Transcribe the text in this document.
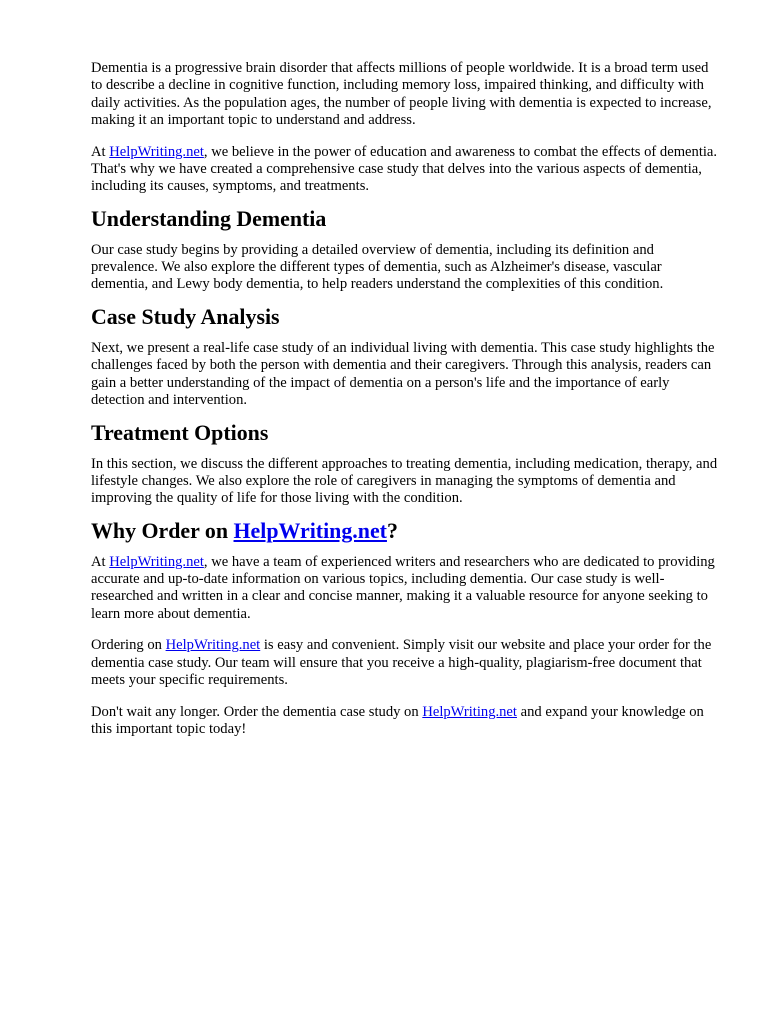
Dementia is a progressive brain disorder that affects millions of people worldwide. It is a broad term used to describe a decline in cognitive function, including memory loss, impaired thinking, and difficulty with daily activities. As the population ages, the number of people living with dementia is expected to increase, making it an important topic to understand and address.

At HelpWriting.net, we believe in the power of education and awareness to combat the effects of dementia. That's why we have created a comprehensive case study that delves into the various aspects of dementia, including its causes, symptoms, and treatments.

Understanding Dementia

Our case study begins by providing a detailed overview of dementia, including its definition and prevalence. We also explore the different types of dementia, such as Alzheimer's disease, vascular dementia, and Lewy body dementia, to help readers understand the complexities of this condition.

Case Study Analysis

Next, we present a real-life case study of an individual living with dementia. This case study highlights the challenges faced by both the person with dementia and their caregivers. Through this analysis, readers can gain a better understanding of the impact of dementia on a person's life and the importance of early detection and intervention.

Treatment Options

In this section, we discuss the different approaches to treating dementia, including medication, therapy, and lifestyle changes. We also explore the role of caregivers in managing the symptoms of dementia and improving the quality of life for those living with the condition.

Why Order on HelpWriting.net?

At HelpWriting.net, we have a team of experienced writers and researchers who are dedicated to providing accurate and up-to-date information on various topics, including dementia. Our case study is well-researched and written in a clear and concise manner, making it a valuable resource for anyone seeking to learn more about dementia.

Ordering on HelpWriting.net is easy and convenient. Simply visit our website and place your order for the dementia case study. Our team will ensure that you receive a high-quality, plagiarism-free document that meets your specific requirements.

Don't wait any longer. Order the dementia case study on HelpWriting.net and expand your knowledge on this important topic today!
